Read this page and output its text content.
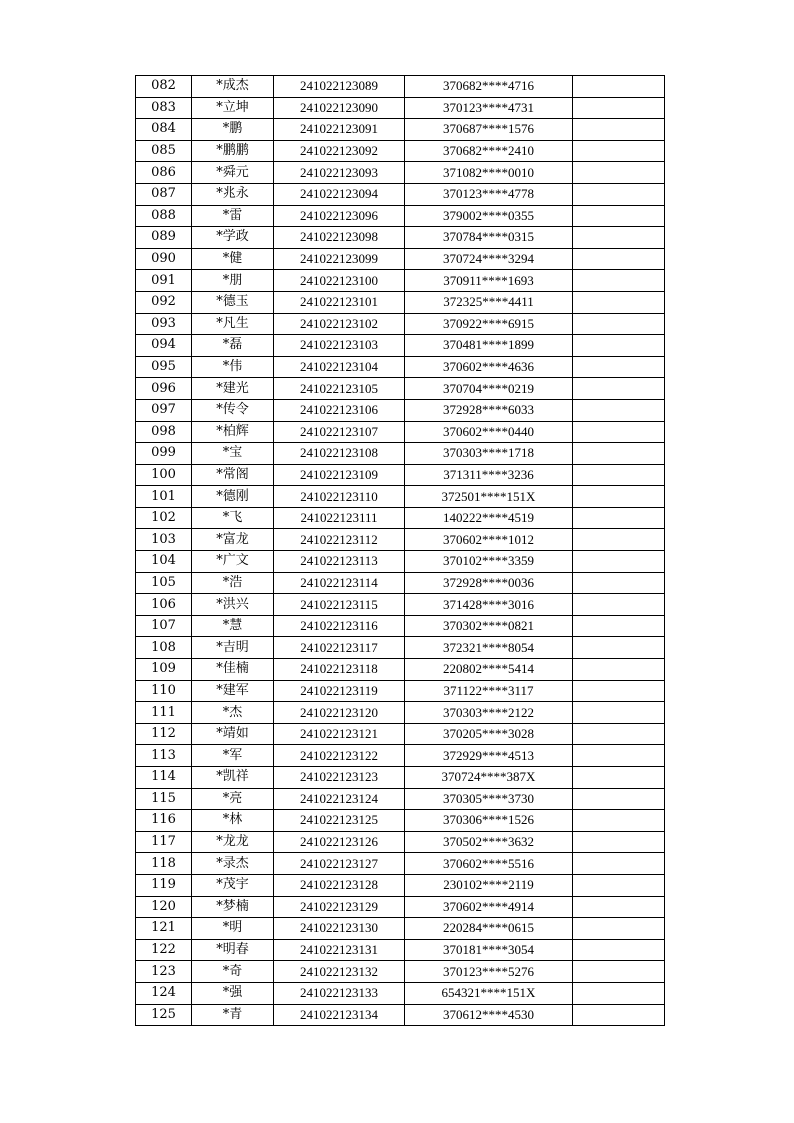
082	*成杰	241022123089	370682****4716	
083	*立坤	241022123090	370123****4731	
084	*鹏	241022123091	370687****1576	
085	*鹏鹏	241022123092	370682****2410	
086	*舜元	241022123093	371082****0010	
087	*兆永	241022123094	370123****4778	
088	*雷	241022123096	379002****0355	
089	*学政	241022123098	370784****0315	
090	*健	241022123099	370724****3294	
091	*朋	241022123100	370911****1693	
092	*德玉	241022123101	372325****4411	
093	*凡生	241022123102	370922****6915	
094	*磊	241022123103	370481****1899	
095	*伟	241022123104	370602****4636	
096	*建光	241022123105	370704****0219	
097	*传令	241022123106	372928****6033	
098	*柏辉	241022123107	370602****0440	
099	*宝	241022123108	370303****1718	
100	*常阁	241022123109	371311****3236	
101	*德刚	241022123110	372501****151X	
102	*飞	241022123111	140222****4519	
103	*富龙	241022123112	370602****1012	
104	*广文	241022123113	370102****3359	
105	*浩	241022123114	372928****0036	
106	*洪兴	241022123115	371428****3016	
107	*慧	241022123116	370302****0821	
108	*吉明	241022123117	372321****8054	
109	*佳楠	241022123118	220802****5414	
110	*建军	241022123119	371122****3117	
111	*杰	241022123120	370303****2122	
112	*靖如	241022123121	370205****3028	
113	*军	241022123122	372929****4513	
114	*凯祥	241022123123	370724****387X	
115	*亮	241022123124	370305****3730	
116	*林	241022123125	370306****1526	
117	*龙龙	241022123126	370502****3632	
118	*录杰	241022123127	370602****5516	
119	*茂宇	241022123128	230102****2119	
120	*梦楠	241022123129	370602****4914	
121	*明	241022123130	220284****0615	
122	*明春	241022123131	370181****3054	
123	*奇	241022123132	370123****5276	
124	*强	241022123133	654321****151X	
125	*青	241022123134	370612****4530	
